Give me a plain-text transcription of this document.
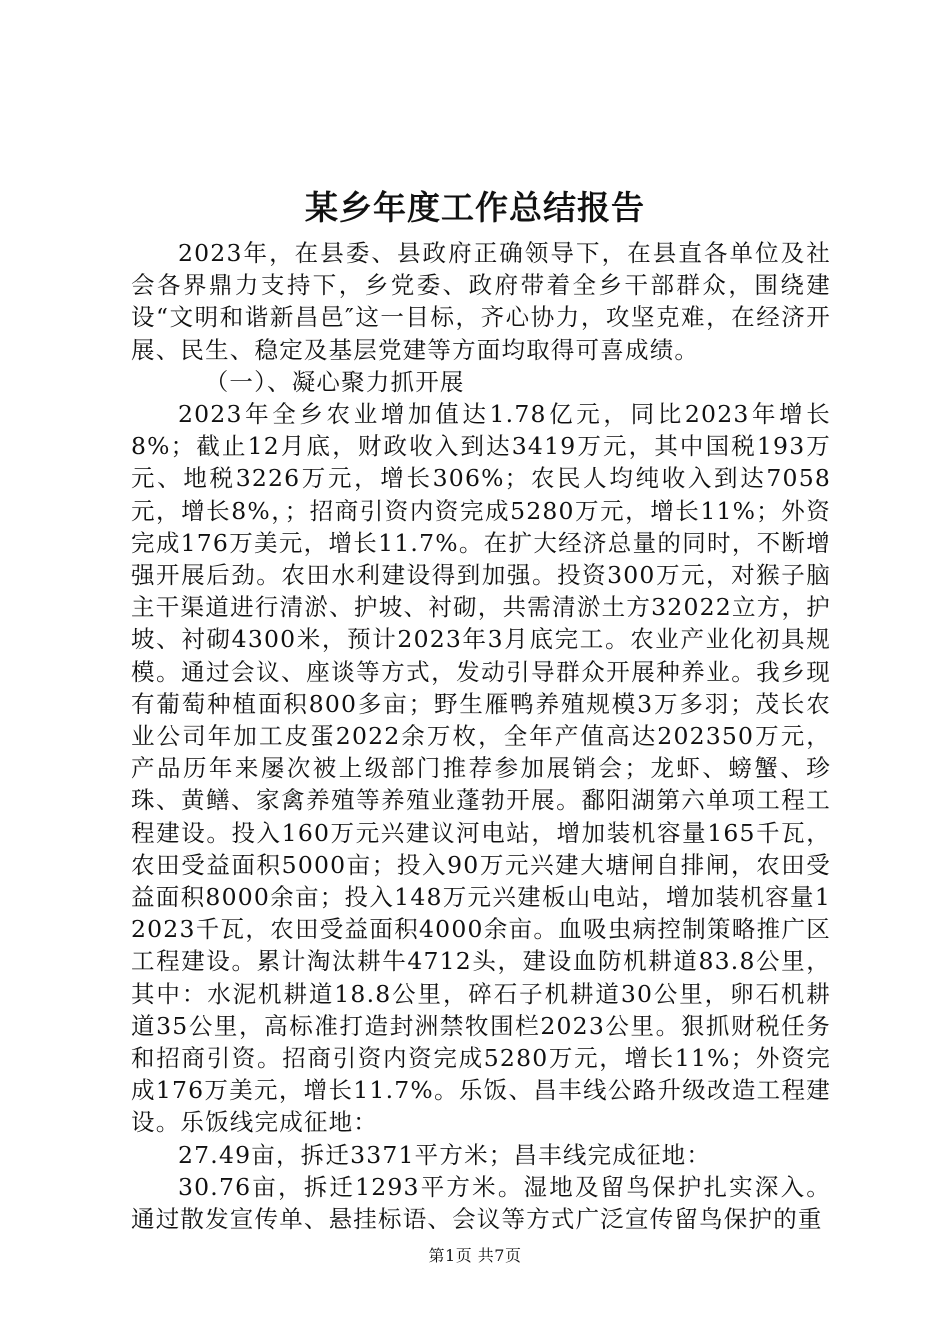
某乡年度工作总结报告

2023年，在县委、县政府正确领导下，在县直各单位及社会各界鼎力支持下，乡党委、政府带着全乡干部群众，围绕建设“文明和谐新昌邑″这一目标，齐心协力，攻坚克难，在经济开展、民生、稳定及基层党建等方面均取得可喜成绩。

（一）、凝心聚力抓开展

2023年全乡农业增加值达1.78亿元，同比2023年增长8%；截止12月底，财政收入到达3419万元，其中国税193万元、地税3226万元，增长306%；农民人均纯收入到达7058元，增长8%，；招商引资内资完成5280万元，增长11%；外资完成176万美元，增长11.7%。在扩大经济总量的同时，不断增强开展后劲。农田水利建设得到加强。投资300万元，对猴子脑主干渠道进行清淤、护坡、衬砌，共需清淤土方32022立方，护坡、衬砌4300米，预计2023年3月底完工。农业产业化初具规模。通过会议、座谈等方式，发动引导群众开展种养业。我乡现有葡萄种植面积800多亩；野生雁鸭养殖规模3万多羽；茂长农业公司年加工皮蛋2022余万枚，全年产值高达202350万元，产品历年来屡次被上级部门推荐参加展销会；龙虾、螃蟹、珍珠、黄鳝、家禽养殖等养殖业蓬勃开展。鄱阳湖第六单项工程工程建设。投入160万元兴建议河电站，增加装机容量165千瓦，农田受益面积5000亩；投入90万元兴建大塘闸自排闸，农田受益面积8000余亩；投入148万元兴建板山电站，增加装机容量12023千瓦，农田受益面积4000余亩。血吸虫病控制策略推广区工程建设。累计淘汰耕牛4712头，建设血防机耕道83.8公里，其中：水泥机耕道18.8公里，碎石子机耕道30公里，卵石机耕道35公里，高标准打造封洲禁牧围栏2023公里。狠抓财税任务和招商引资。招商引资内资完成5280万元，增长11%；外资完成176万美元，增长11.7%。乐饭、昌丰线公路升级改造工程建设。乐饭线完成征地：

27.49亩，拆迁3371平方米；昌丰线完成征地：

30.76亩，拆迁1293平方米。湿地及留鸟保护扎实深入。通过散发宣传单、悬挂标语、会议等方式广泛宣传留鸟保护的重

第1页 共7页
